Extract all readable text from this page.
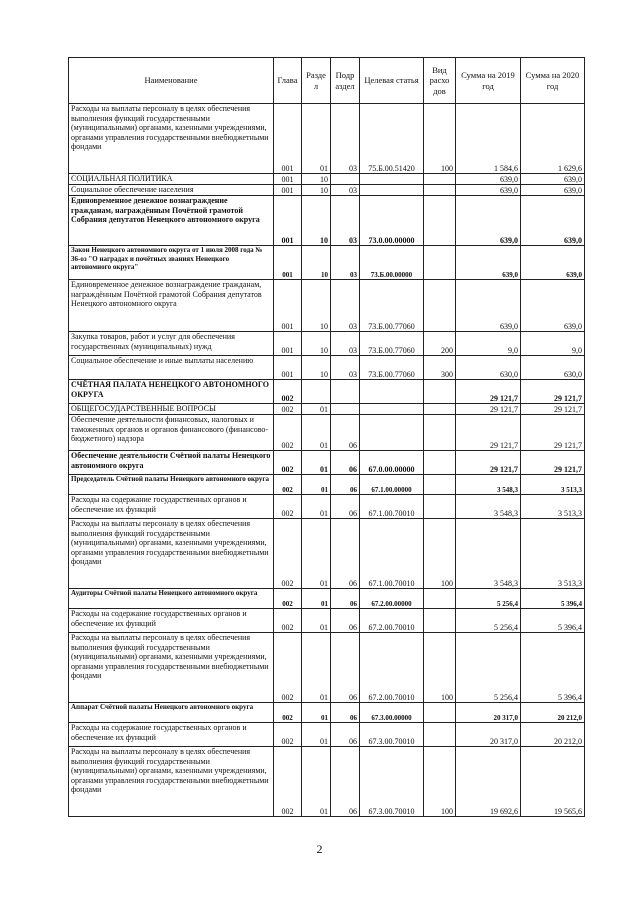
Наименование	Глава	Разде л	Подр аздел	Целевая статья	Вид расхо дов	Сумма на 2019 год	Сумма на 2020 год
Расходы на выплаты персоналу в целях обеспечения выполнения функций государственными (муниципальными) органами, казенными учреждениями, органами управления государственными внебюджетными фондами	001	01	03	75.Б.00.51420	100	1 584,6	1 629,6
СОЦИАЛЬНАЯ ПОЛИТИКА	001	10				639,0	639,0
Социальное обеспечение населения	001	10	03			639,0	639,0
Единовременное денежное вознаграждение гражданам, награждённым Почётной грамотой Собрания депутатов Ненецкого автономного округа	001	10	03	73.0.00.00000		639,0	639,0
Закон Ненецкого автономного округа от 1 июля 2008 года № 36-оз "О наградах и почётных званиях Ненецкого автономного округа"	001	10	03	73.Б.00.00000		639,0	639,0
Единовременное денежное вознаграждение гражданам, награждённым Почётной грамотой Собрания депутатов Ненецкого автономного округа	001	10	03	73.Б.00.77060		639,0	639,0
Закупка товаров, работ и услуг для обеспечения государственных (муниципальных) нужд	001	10	03	73.Б.00.77060	200	9,0	9,0
Социальное обеспечение и иные выплаты населению	001	10	03	73.Б.00.77060	300	630,0	630,0
СЧЁТНАЯ ПАЛАТА НЕНЕЦКОГО АВТОНОМНОГО ОКРУГА	002					29 121,7	29 121,7
ОБЩЕГОСУДАРСТВЕННЫЕ ВОПРОСЫ	002	01				29 121,7	29 121,7
Обеспечение деятельности финансовых, налоговых и таможенных органов и органов финансового (финансово-бюджетного) надзора	002	01	06			29 121,7	29 121,7
Обеспечение деятельности Счётной палаты Ненецкого автономного округа	002	01	06	67.0.00.00000		29 121,7	29 121,7
Председатель Счётной палаты Ненецкого автономного округа	002	01	06	67.1.00.00000		3 548,3	3 513,3
Расходы на содержание государственных органов и обеспечение их функций	002	01	06	67.1.00.70010		3 548,3	3 513,3
Расходы на выплаты персоналу в целях обеспечения выполнения функций государственными (муниципальными) органами, казенными учреждениями, органами управления государственными внебюджетными фондами	002	01	06	67.1.00.70010	100	3 548,3	3 513,3
Аудиторы Счётной палаты Ненецкого автономного округа	002	01	06	67.2.00.00000		5 256,4	5 396,4
Расходы на содержание государственных органов и обеспечение их функций	002	01	06	67.2.00.70010		5 256,4	5 396,4
Расходы на выплаты персоналу в целях обеспечения выполнения функций государственными (муниципальными) органами, казенными учреждениями, органами управления государственными внебюджетными фондами	002	01	06	67.2.00.70010	100	5 256,4	5 396,4
Аппарат Счётной палаты Ненецкого автономного округа	002	01	06	67.3.00.00000		20 317,0	20 212,0
Расходы на содержание государственных органов и обеспечение их функций	002	01	06	67.3.00.70010		20 317,0	20 212,0
Расходы на выплаты персоналу в целях обеспечения выполнения функций государственными (муниципальными) органами, казенными учреждениями, органами управления государственными внебюджетными фондами	002	01	06	67.3.00.70010	100	19 692,6	19 565,6
2
